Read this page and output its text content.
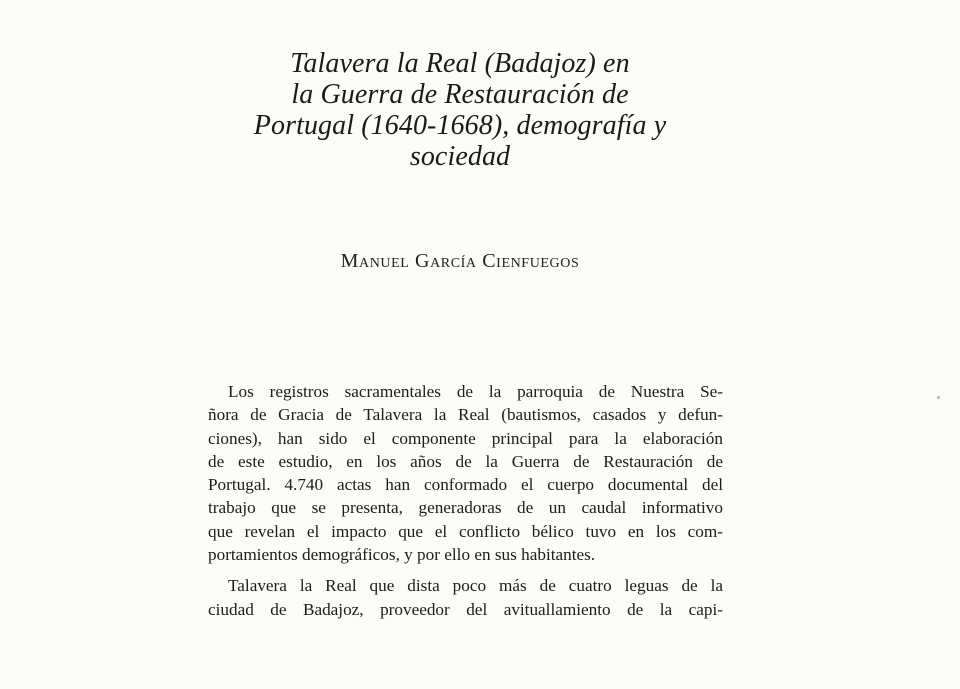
Talavera la Real (Badajoz) en
la Guerra de Restauración de
Portugal (1640-1668), demografía y
sociedad
Manuel García Cienfuegos
Los registros sacramentales de la parroquia de Nuestra Se-
ñora de Gracia de Talavera la Real (bautismos, casados y defun-
ciones), han sido el componente principal para la elaboración
de este estudio, en los años de la Guerra de Restauración de
Portugal. 4.740 actas han conformado el cuerpo documental del
trabajo que se presenta, generadoras de un caudal informativo
que revelan el impacto que el conflicto bélico tuvo en los com-
portamientos demográficos, y por ello en sus habitantes.
Talavera la Real que dista poco más de cuatro leguas de la
ciudad de Badajoz, proveedor del avituallamiento de la capi-
